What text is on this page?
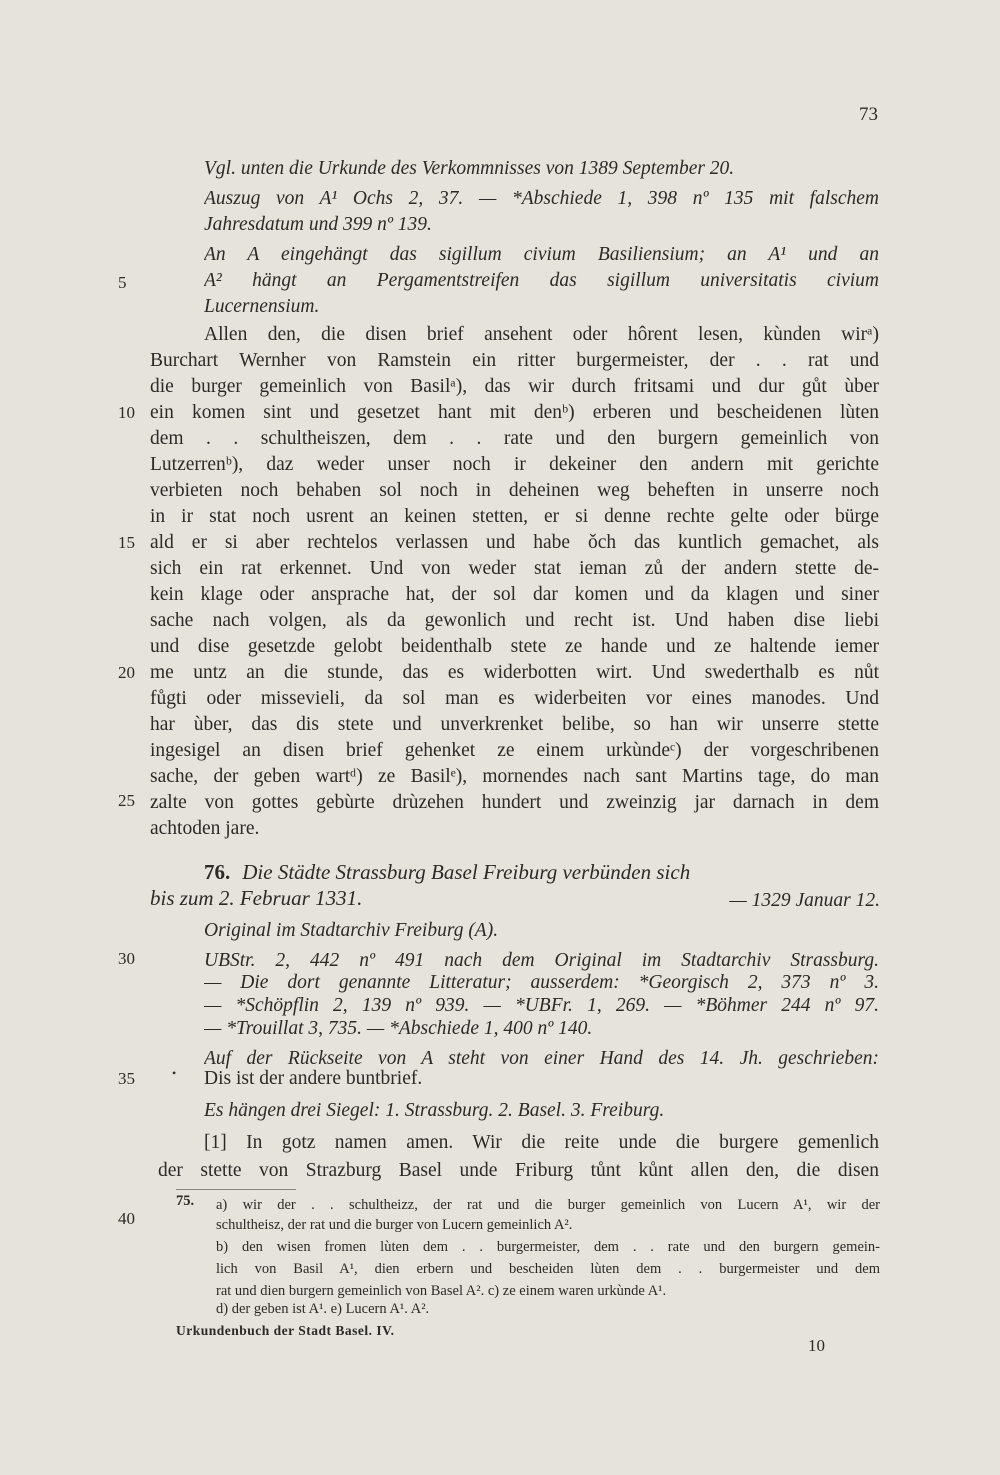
73
Vgl. unten die Urkunde des Verkommnisses von 1389 September 20.
Auszug von A¹ Ochs 2, 37. — *Abschiede 1, 398 nº 135 mit falschem
Jahresdatum und 399 nº 139.
An A eingehängt das sigillum civium Basiliensium; an A¹ und an
A² hängt an Pergamentstreifen das sigillum universitatis civium
Lucernensium.
Allen den, die disen brief ansehent oder hôrent lesen, kùnden wirᵃ)
Burchart Wernher von Ramstein ein ritter burgermeister, der . . rat und
die burger gemeinlich von Basilᵃ), das wir durch fritsami und dur gůt ùber
ein komen sint und gesetzet hant mit denᵇ) erberen und bescheidenen lùten
dem . . schultheiszen, dem . . rate und den burgern gemeinlich von
Lutzerrenᵇ), daz weder unser noch ir dekeiner den andern mit gerichte
verbieten noch behaben sol noch in deheinen weg beheften in unserre noch
in ir stat noch usrent an keinen stetten, er si denne rechte gelte oder bürge
ald er si aber rechtelos verlassen und habe ǒch das kuntlich gemachet, als
sich ein rat erkennet. Und von weder stat ieman zů der andern stette de-
kein klage oder ansprache hat, der sol dar komen und da klagen und siner
sache nach volgen, als da gewonlich und recht ist. Und haben dise liebi
und dise gesetzde gelobt beidenthalb stete ze hande und ze haltende iemer
me untz an die stunde, das es widerbotten wirt. Und swederthalb es nůt
fůgti oder missevieli, da sol man es widerbeiten vor eines manodes. Und
har ùber, das dis stete und unverkrenket belibe, so han wir unserre stette
ingesigel an disen brief gehenket ze einem urkùndeᶜ) der vorgeschribenen
sache, der geben wartᵈ) ze Basilᵉ), mornendes nach sant Martins tage, do man
zalte von gottes gebùrte drùzehen hundert und zweinzig jar darnach in dem
achtoden jare.
76. Die Städte Strassburg Basel Freiburg verbünden sich
bis zum 2. Februar 1331.	— 1329 Januar 12.
Original im Stadtarchiv Freiburg (A).
UBStr. 2, 442 nº 491 nach dem Original im Stadtarchiv Strassburg.
— Die dort genannte Litteratur; ausserdem: *Georgisch 2, 373 nº 3.
— *Schöpflin 2, 139 nº 939. — *UBFr. 1, 269. — *Böhmer 244 nº 97.
— *Trouillat 3, 735. — *Abschiede 1, 400 nº 140.
Auf der Rückseite von A steht von einer Hand des 14. Jh. geschrieben:
• Dis ist der andere buntbrief.
Es hängen drei Siegel: 1. Strassburg. 2. Basel. 3. Freiburg.
[1] In gotz namen amen. Wir die reite unde die burgere gemenlich
der stette von Strazburg Basel unde Friburg tůnt kůnt allen den, die disen
5
10
15
20
25
30
35
40
75. a) wir der . . schultheizz, der rat und die burger gemeinlich von Lucern A¹, wir der
schultheisz, der rat und die burger von Lucern gemeinlich A².
b) den wisen fromen lùten dem . . burgermeister, dem . . rate und den burgern gemein-
lich von Basil A¹, dien erbern und bescheiden lùten dem . . burgermeister und dem
rat und dien burgern gemeinlich von Basel A². c) ze einem waren urkùnde A¹.
d) der geben ist A¹. e) Lucern A¹. A².
Urkundenbuch der Stadt Basel. IV.
10
